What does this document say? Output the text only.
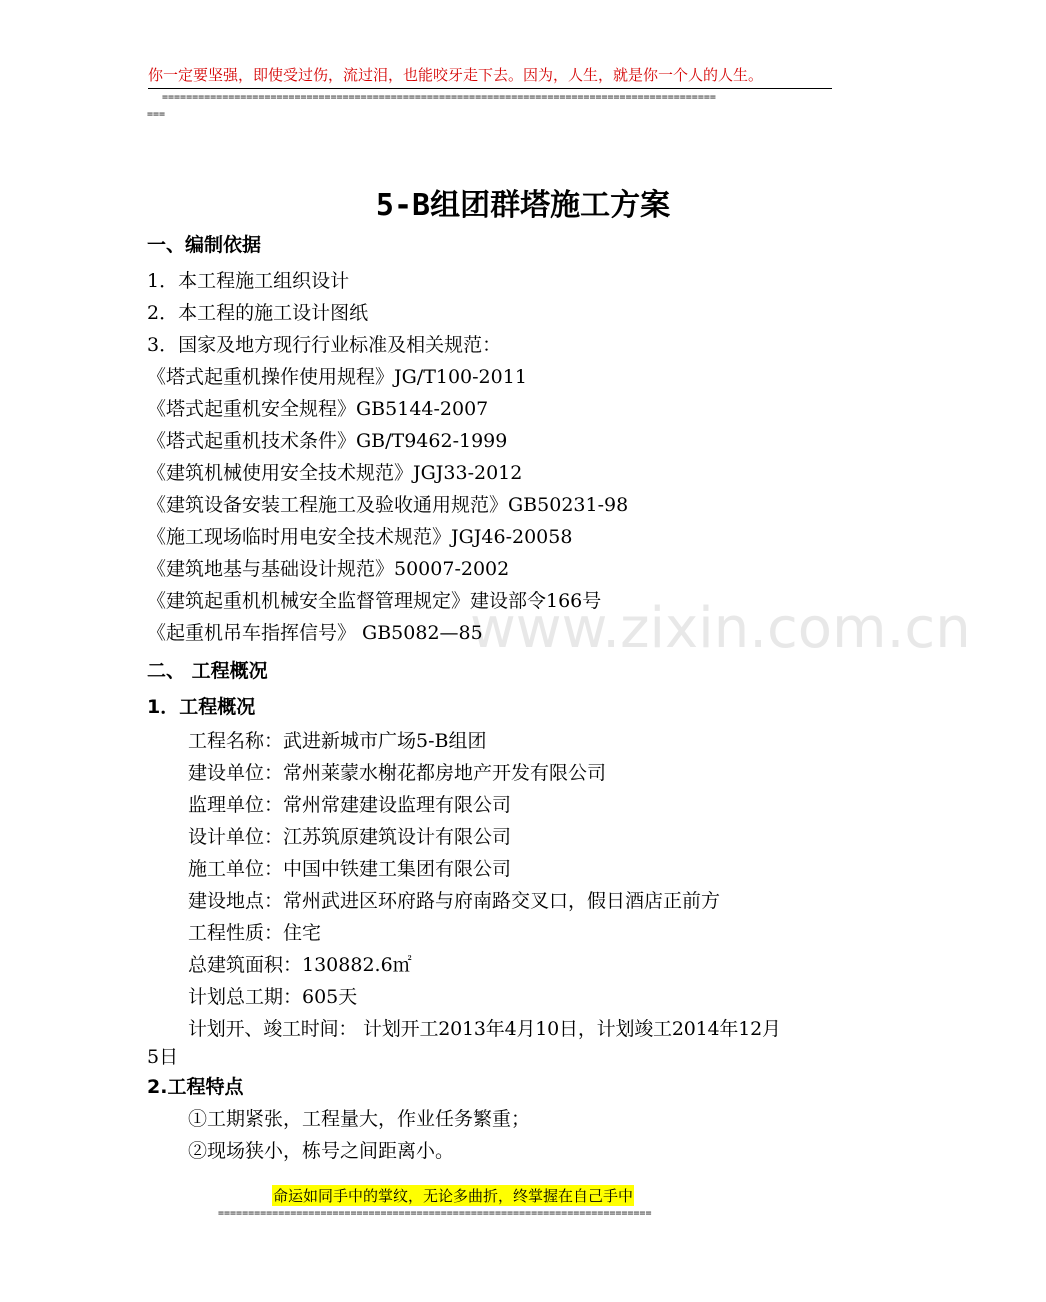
你一定要坚强，即使受过伤，流过泪，也能咬牙走下去。因为，人生，就是你一个人的人生。
============================================================================================
===
www.zixin.com.cn
5-B组团群塔施工方案
一、编制依据
1．本工程施工组织设计
2．本工程的施工设计图纸
3．国家及地方现行行业标准及相关规范：
《塔式起重机操作使用规程》JG/T100-2011
《塔式起重机安全规程》GB5144-2007
《塔式起重机技术条件》GB/T9462-1999
《建筑机械使用安全技术规范》JGJ33-2012
《建筑设备安装工程施工及验收通用规范》GB50231-98
《施工现场临时用电安全技术规范》JGJ46-20058
《建筑地基与基础设计规范》50007-2002
《建筑起重机机械安全监督管理规定》建设部令166号
《起重机吊车指挥信号》 GB5082—85
二、 工程概况
1．工程概况
工程名称：武进新城市广场5-B组团
建设单位：常州莱蒙水榭花都房地产开发有限公司
监理单位：常州常建建设监理有限公司
设计单位：江苏筑原建筑设计有限公司
施工单位：中国中铁建工集团有限公司
建设地点：常州武进区环府路与府南路交叉口，假日酒店正前方
工程性质：住宅
总建筑面积：130882.6㎡
计划总工期：605天
计划开、竣工时间： 计划开工2013年4月10日，计划竣工2014年12月
5日
2.工程特点
①工期紧张，工程量大，作业任务繁重；
②现场狭小，栋号之间距离小。
命运如同手中的掌纹，无论多曲折，终掌握在自己手中
========================================================================
